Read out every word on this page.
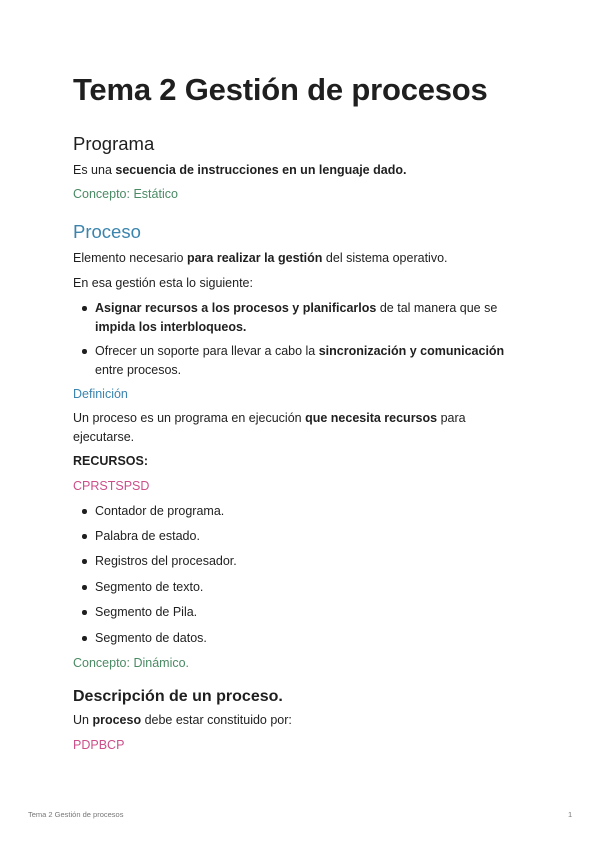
Tema 2 Gestión de procesos
Programa

Es una secuencia de instrucciones en un lenguaje dado.

Concepto: Estático

Proceso

Elemento necesario para realizar la gestión del sistema operativo.

En esa gestión esta lo siguiente:

Asignar recursos a los procesos y planificarlos de tal manera que se impida los interbloqueos.
Ofrecer un soporte para llevar a cabo la sincronización y comunicación entre procesos.

Definición

Un proceso es un programa en ejecución que necesita recursos para ejecutarse.

RECURSOS:

CPRSTSPSD

Contador de programa.
Palabra de estado.
Registros del procesador.
Segmento de texto.
Segmento de Pila.
Segmento de datos.

Concepto: Dinámico.

Descripción de un proceso.

Un proceso debe estar constituido por:

PDPBCP

Tema 2 Gestión de procesos	1
